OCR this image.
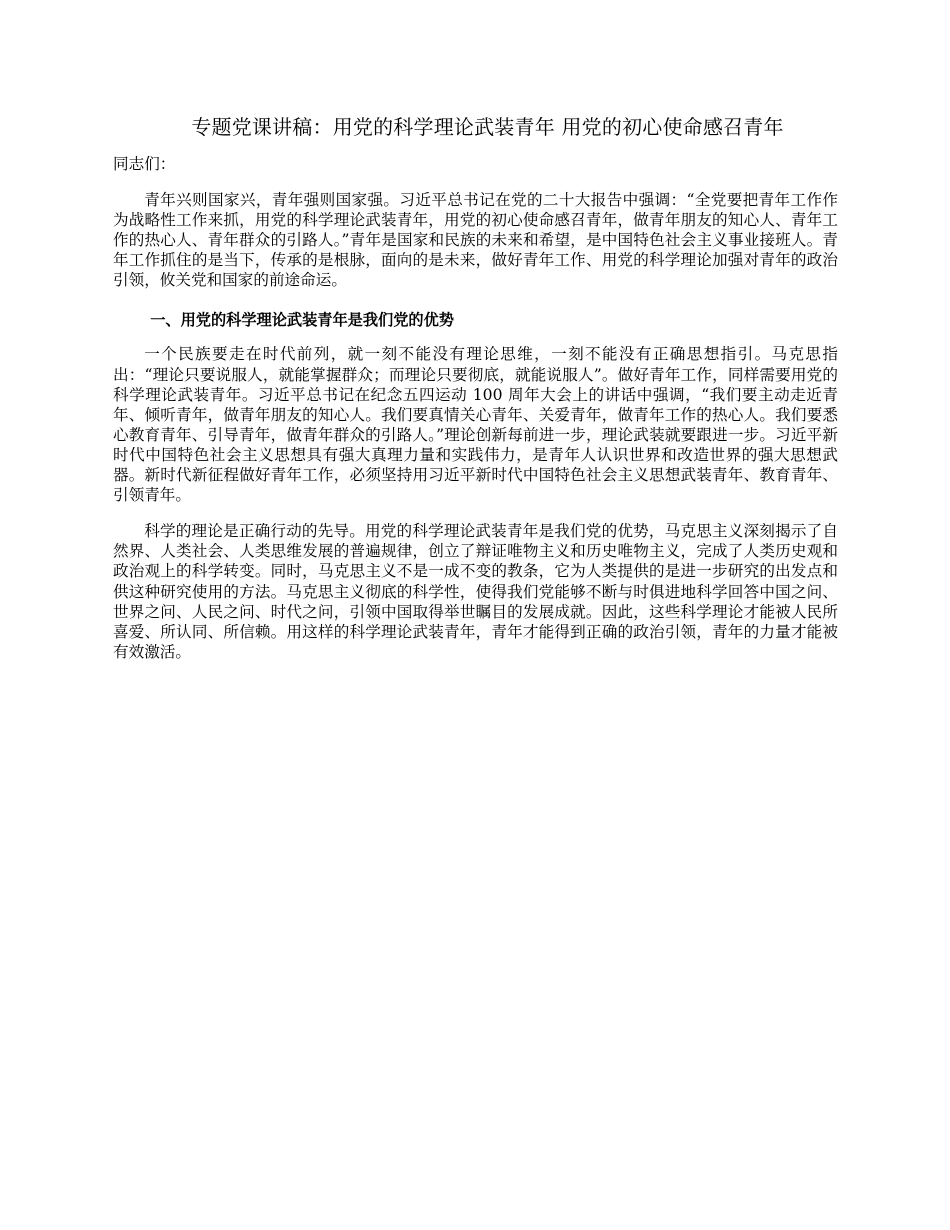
专题党课讲稿：用党的科学理论武装青年 用党的初心使命感召青年

同志们：

青年兴则国家兴，青年强则国家强。习近平总书记在党的二十大报告中强调：“全党要把青年工作作为战略性工作来抓，用党的科学理论武装青年，用党的初心使命感召青年，做青年朋友的知心人、青年工作的热心人、青年群众的引路人。”青年是国家和民族的未来和希望，是中国特色社会主义事业接班人。青年工作抓住的是当下，传承的是根脉，面向的是未来，做好青年工作、用党的科学理论加强对青年的政治引领，攸关党和国家的前途命运。

一、用党的科学理论武装青年是我们党的优势

一个民族要走在时代前列，就一刻不能没有理论思维，一刻不能没有正确思想指引。马克思指出：“理论只要说服人，就能掌握群众；而理论只要彻底，就能说服人”。做好青年工作，同样需要用党的科学理论武装青年。习近平总书记在纪念五四运动 100 周年大会上的讲话中强调，“我们要主动走近青年、倾听青年，做青年朋友的知心人。我们要真情关心青年、关爱青年，做青年工作的热心人。我们要悉心教育青年、引导青年，做青年群众的引路人。”理论创新每前进一步，理论武装就要跟进一步。习近平新时代中国特色社会主义思想具有强大真理力量和实践伟力，是青年人认识世界和改造世界的强大思想武器。新时代新征程做好青年工作，必须坚持用习近平新时代中国特色社会主义思想武装青年、教育青年、引领青年。

科学的理论是正确行动的先导。用党的科学理论武装青年是我们党的优势，马克思主义深刻揭示了自然界、人类社会、人类思维发展的普遍规律，创立了辩证唯物主义和历史唯物主义，完成了人类历史观和政治观上的科学转变。同时，马克思主义不是一成不变的教条，它为人类提供的是进一步研究的出发点和供这种研究使用的方法。马克思主义彻底的科学性，使得我们党能够不断与时俱进地科学回答中国之问、世界之问、人民之问、时代之问，引领中国取得举世瞩目的发展成就。因此，这些科学理论才能被人民所喜爱、所认同、所信赖。用这样的科学理论武装青年，青年才能得到正确的政治引领，青年的力量才能被有效激活。
